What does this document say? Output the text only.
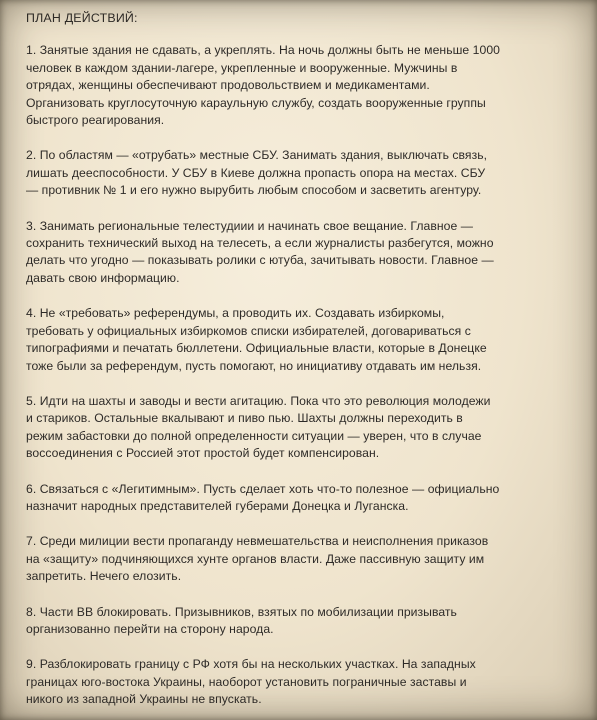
ПЛАН ДЕЙСТВИЙ:
1. Занятые здания не сдавать, а укреплять. На ночь должны быть не меньше 1000
человек в каждом здании-лагере, укрепленные и вооруженные. Мужчины в
отрядах, женщины обеспечивают продовольствием и медикаментами.
Организовать круглосуточную караульную службу, создать вооруженные группы
быстрого реагирования.
2. По областям — «отрубать» местные СБУ. Занимать здания, выключать связь,
лишать дееспособности. У СБУ в Киеве должна пропасть опора на местах. СБУ
— противник № 1 и его нужно вырубить любым способом и засветить агентуру.
3. Занимать региональные телестудиии и начинать свое вещание. Главное —
сохранить технический выход на телесеть, а если журналисты разбегутся, можно
делать что угодно — показывать ролики с ютуба, зачитывать новости. Главное —
давать свою информацию.
4. Не «требовать» референдумы, а проводить их. Создавать избиркомы,
требовать у официальных избиркомов списки избирателей, договариваться с
типографиями и печатать бюллетени. Официальные власти, которые в Донецке
тоже были за референдум, пусть помогают, но инициативу отдавать им нельзя.
5. Идти на шахты и заводы и вести агитацию. Пока что это революция молодежи
и стариков. Остальные вкалывают и пиво пью. Шахты должны переходить в
режим забастовки до полной определенности ситуации — уверен, что в случае
воссоединения с Россией этот простой будет компенсирован.
6. Связаться с «Легитимным». Пусть сделает хоть что-то полезное — официально
назначит народных представителей губерами Донецка и Луганска.
7. Среди милиции вести пропаганду невмешательства и неисполнения приказов
на «защиту» подчиняющихся хунте органов власти. Даже пассивную защиту им
запретить. Нечего елозить.
8. Части ВВ блокировать. Призывников, взятых по мобилизации призывать
организованно перейти на сторону народа.
9. Разблокировать границу с РФ хотя бы на нескольких участках. На западных
границах юго-востока Украины, наоборот установить пограничные заставы и
никого из западной Украины не впускать.
